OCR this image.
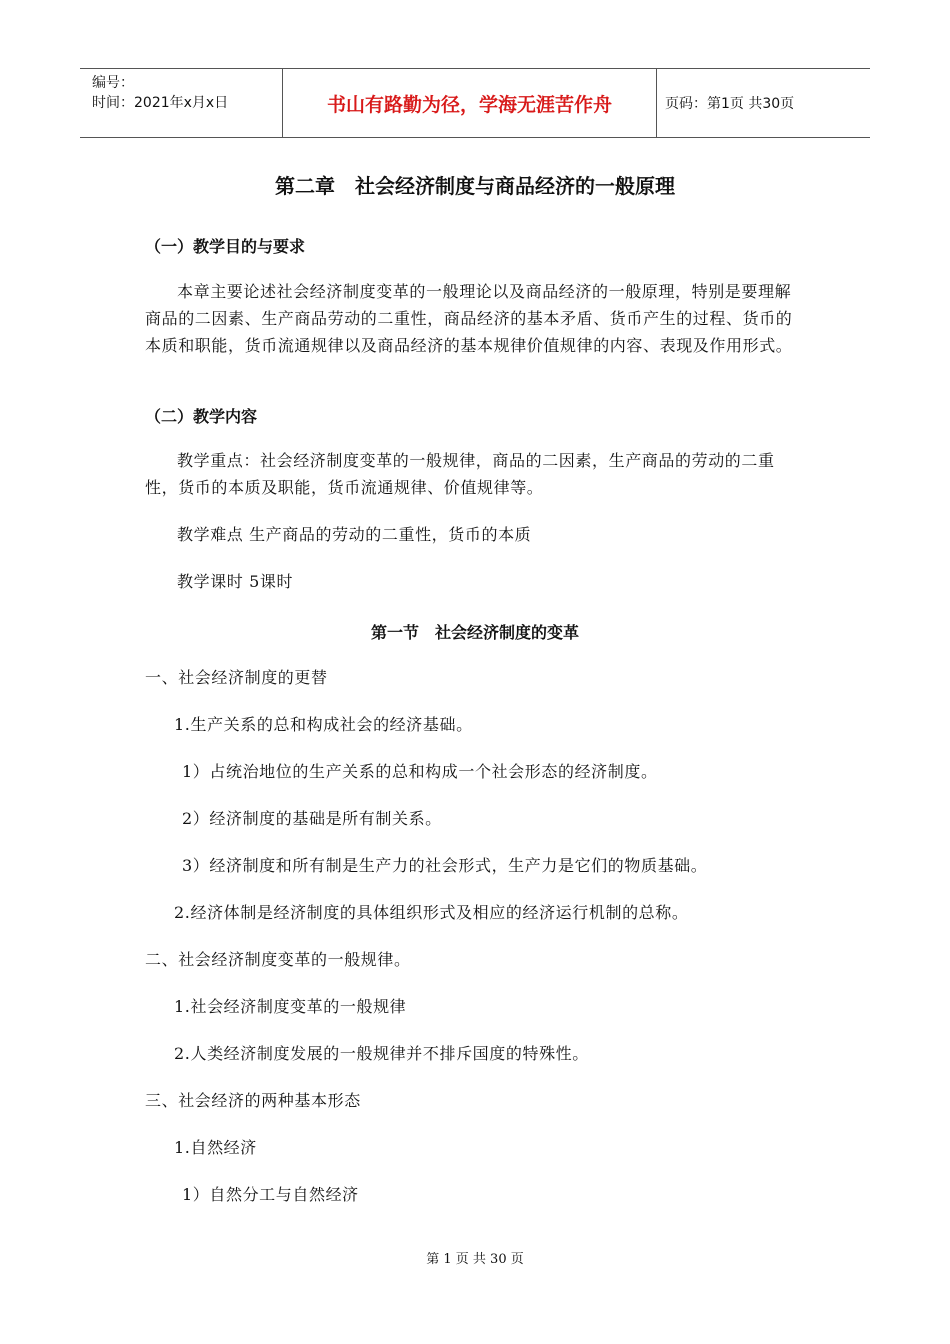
编号：
时间：2021年x月x日	书山有路勤为径，学海无涯苦作舟	页码：第1页 共30页
第二章　社会经济制度与商品经济的一般原理
（一）教学目的与要求
本章主要论述社会经济制度变革的一般理论以及商品经济的一般原理，特别是要理解商品的二因素、生产商品劳动的二重性，商品经济的基本矛盾、货币产生的过程、货币的本质和职能，货币流通规律以及商品经济的基本规律价值规律的内容、表现及作用形式。
（二）教学内容
教学重点：社会经济制度变革的一般规律，商品的二因素，生产商品的劳动的二重性，货币的本质及职能，货币流通规律、价值规律等。
教学难点 生产商品的劳动的二重性，货币的本质
教学课时 5课时
第一节　社会经济制度的变革
一、社会经济制度的更替
1.生产关系的总和构成社会的经济基础。
1）占统治地位的生产关系的总和构成一个社会形态的经济制度。
2）经济制度的基础是所有制关系。
3）经济制度和所有制是生产力的社会形式，生产力是它们的物质基础。
2.经济体制是经济制度的具体组织形式及相应的经济运行机制的总称。
二、社会经济制度变革的一般规律。
1.社会经济制度变革的一般规律
2.人类经济制度发展的一般规律并不排斥国度的特殊性。
三、社会经济的两种基本形态
1.自然经济
1）自然分工与自然经济
第 1 页 共 30 页
